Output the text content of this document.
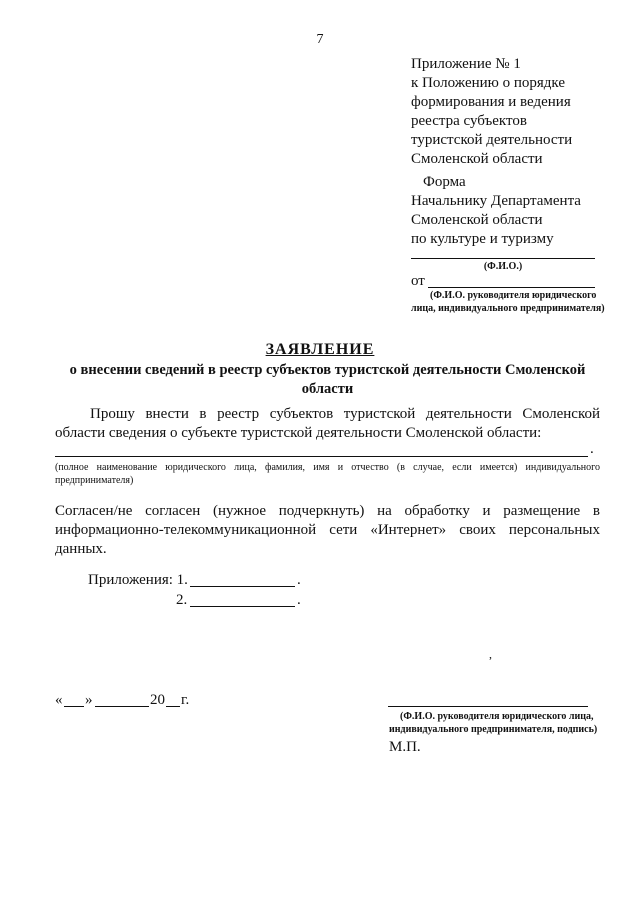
7
Приложение № 1
к Положению о порядке
формирования и ведения
реестра субъектов
туристской деятельности
Смоленской области
Форма
Начальнику Департамента
Смоленской области
по культуре и туризму
(Ф.И.О.)
от
(Ф.И.О. руководителя юридического
лица, индивидуального предпринимателя)
ЗАЯВЛЕНИЕ
о внесении сведений в реестр субъектов туристской деятельности Смоленской области
Прошу внести в реестр субъектов туристской деятельности Смоленской области сведения о субъекте туристской деятельности Смоленской области:
.
(полное наименование юридического лица, фамилия, имя и отчество (в случае, если имеется) индивидуального предпринимателя)
Согласен/не согласен (нужное подчеркнуть) на обработку и размещение в информационно-телекоммуникационной сети «Интернет» своих персональных данных.
Приложения: 1.	.
2.	.
,
« »	20 г.
(Ф.И.О. руководителя юридического лица,
индивидуального предпринимателя, подпись)
М.П.
